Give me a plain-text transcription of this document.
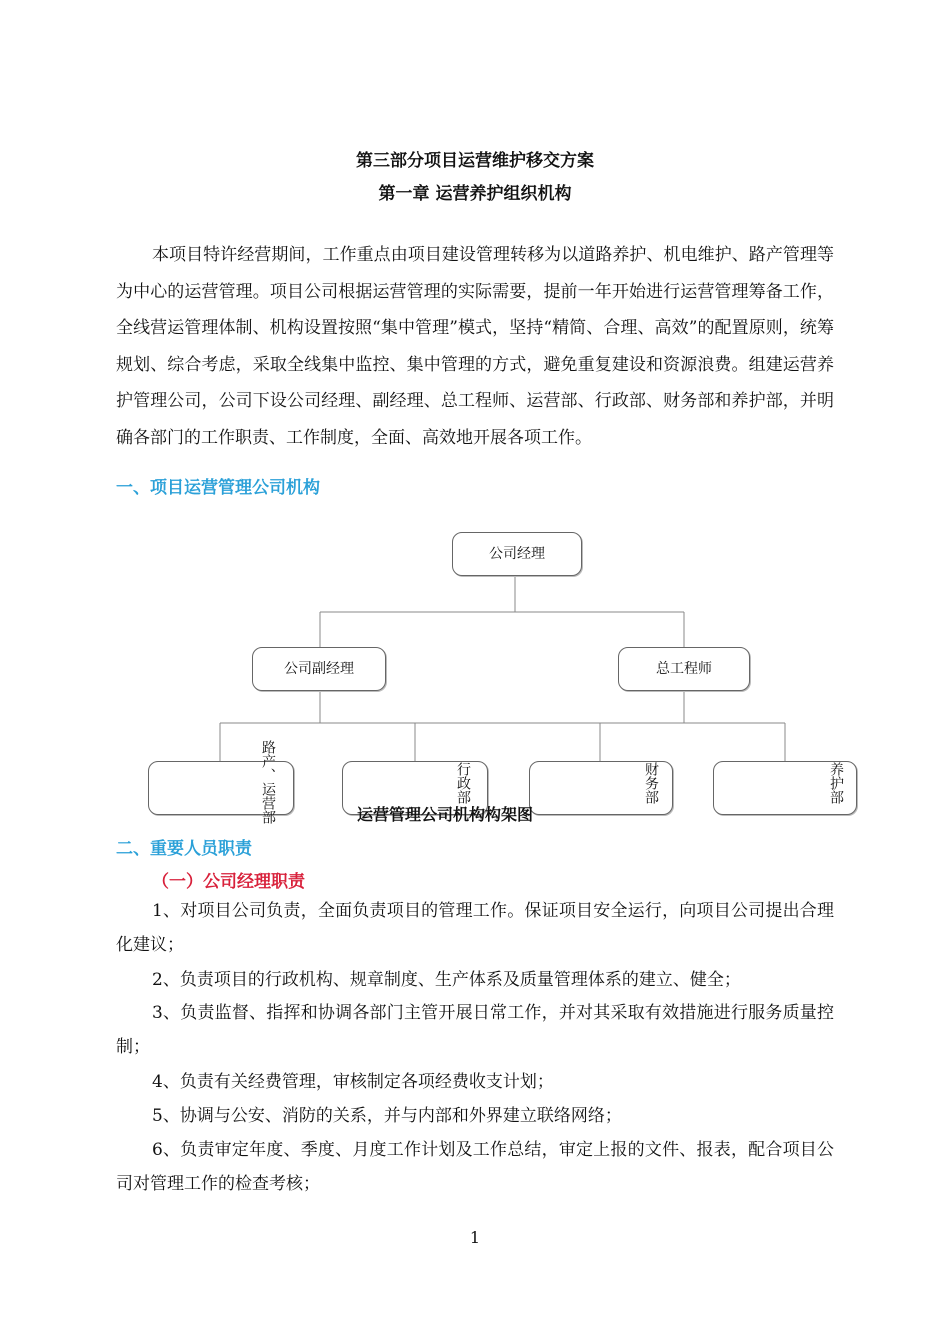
第三部分项目运营维护移交方案
第一章 运营养护组织机构

本项目特许经营期间，工作重点由项目建设管理转移为以道路养护、机电维护、路产管理等为中心的运营管理。项目公司根据运营管理的实际需要，提前一年开始进行运营管理筹备工作，全线营运管理体制、机构设置按照“集中管理”模式，坚持“精简、合理、高效”的配置原则，统筹规划、综合考虑，采取全线集中监控、集中管理的方式，避免重复建设和资源浪费。组建运营养护管理公司，公司下设公司经理、副经理、总工程师、运营部、行政部、财务部和养护部，并明确各部门的工作职责、工作制度，全面、高效地开展各项工作。

一、项目运营管理公司机构
公司经理
公司副经理	总工程师
路产、运营部	行政部	财务部	养护部
运营管理公司机构构架图
二、重要人员职责
（一）公司经理职责

1、对项目公司负责，全面负责项目的管理工作。保证项目安全运行，向项目公司提出合理化建议；

2、负责项目的行政机构、规章制度、生产体系及质量管理体系的建立、健全；

3、负责监督、指挥和协调各部门主管开展日常工作，并对其采取有效措施进行服务质量控制；

4、负责有关经费管理，审核制定各项经费收支计划；

5、协调与公安、消防的关系，并与内部和外界建立联络网络；

6、负责审定年度、季度、月度工作计划及工作总结，审定上报的文件、报表，配合项目公司对管理工作的检查考核；

1
